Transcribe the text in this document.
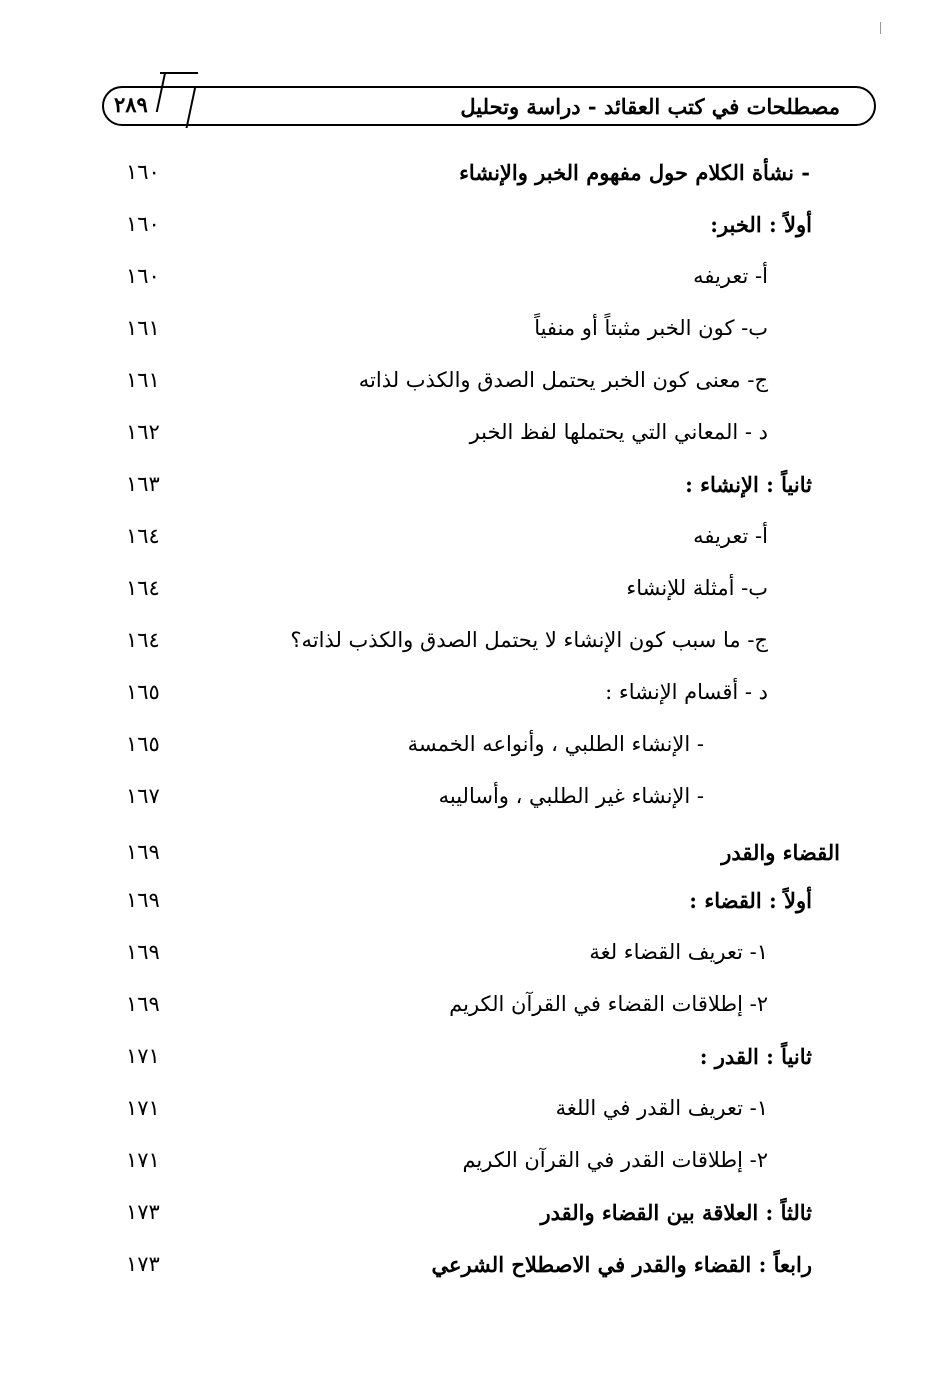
مصطلحات في كتب العقائد - دراسة وتحليل
٢٨٩
- نشأة الكلام حول مفهوم الخبر والإنشاء
١٦٠
أولاً : الخبر:
١٦٠
أ- تعريفه
١٦٠
ب- كون الخبر مثبتاً أو منفياً
١٦١
ج- معنى كون الخبر يحتمل الصدق والكذب لذاته
١٦١
د - المعاني التي يحتملها لفظ الخبر
١٦٢
ثانياً : الإنشاء :
١٦٣
أ- تعريفه
١٦٤
ب- أمثلة للإنشاء
١٦٤
ج- ما سبب كون الإنشاء لا يحتمل الصدق والكذب لذاته؟
١٦٤
د - أقسام الإنشاء :
١٦٥
- الإنشاء الطلبي ، وأنواعه الخمسة
١٦٥
- الإنشاء غير الطلبي ، وأساليبه
١٦٧
القضاء والقدر
١٦٩
أولاً : القضاء :
١٦٩
١- تعريف القضاء لغة
١٦٩
٢- إطلاقات القضاء في القرآن الكريم
١٦٩
ثانياً : القدر :
١٧١
١- تعريف القدر في اللغة
١٧١
٢- إطلاقات القدر في القرآن الكريم
١٧١
ثالثاً : العلاقة بين القضاء والقدر
١٧٣
رابعاً : القضاء والقدر في الاصطلاح الشرعي
١٧٣
